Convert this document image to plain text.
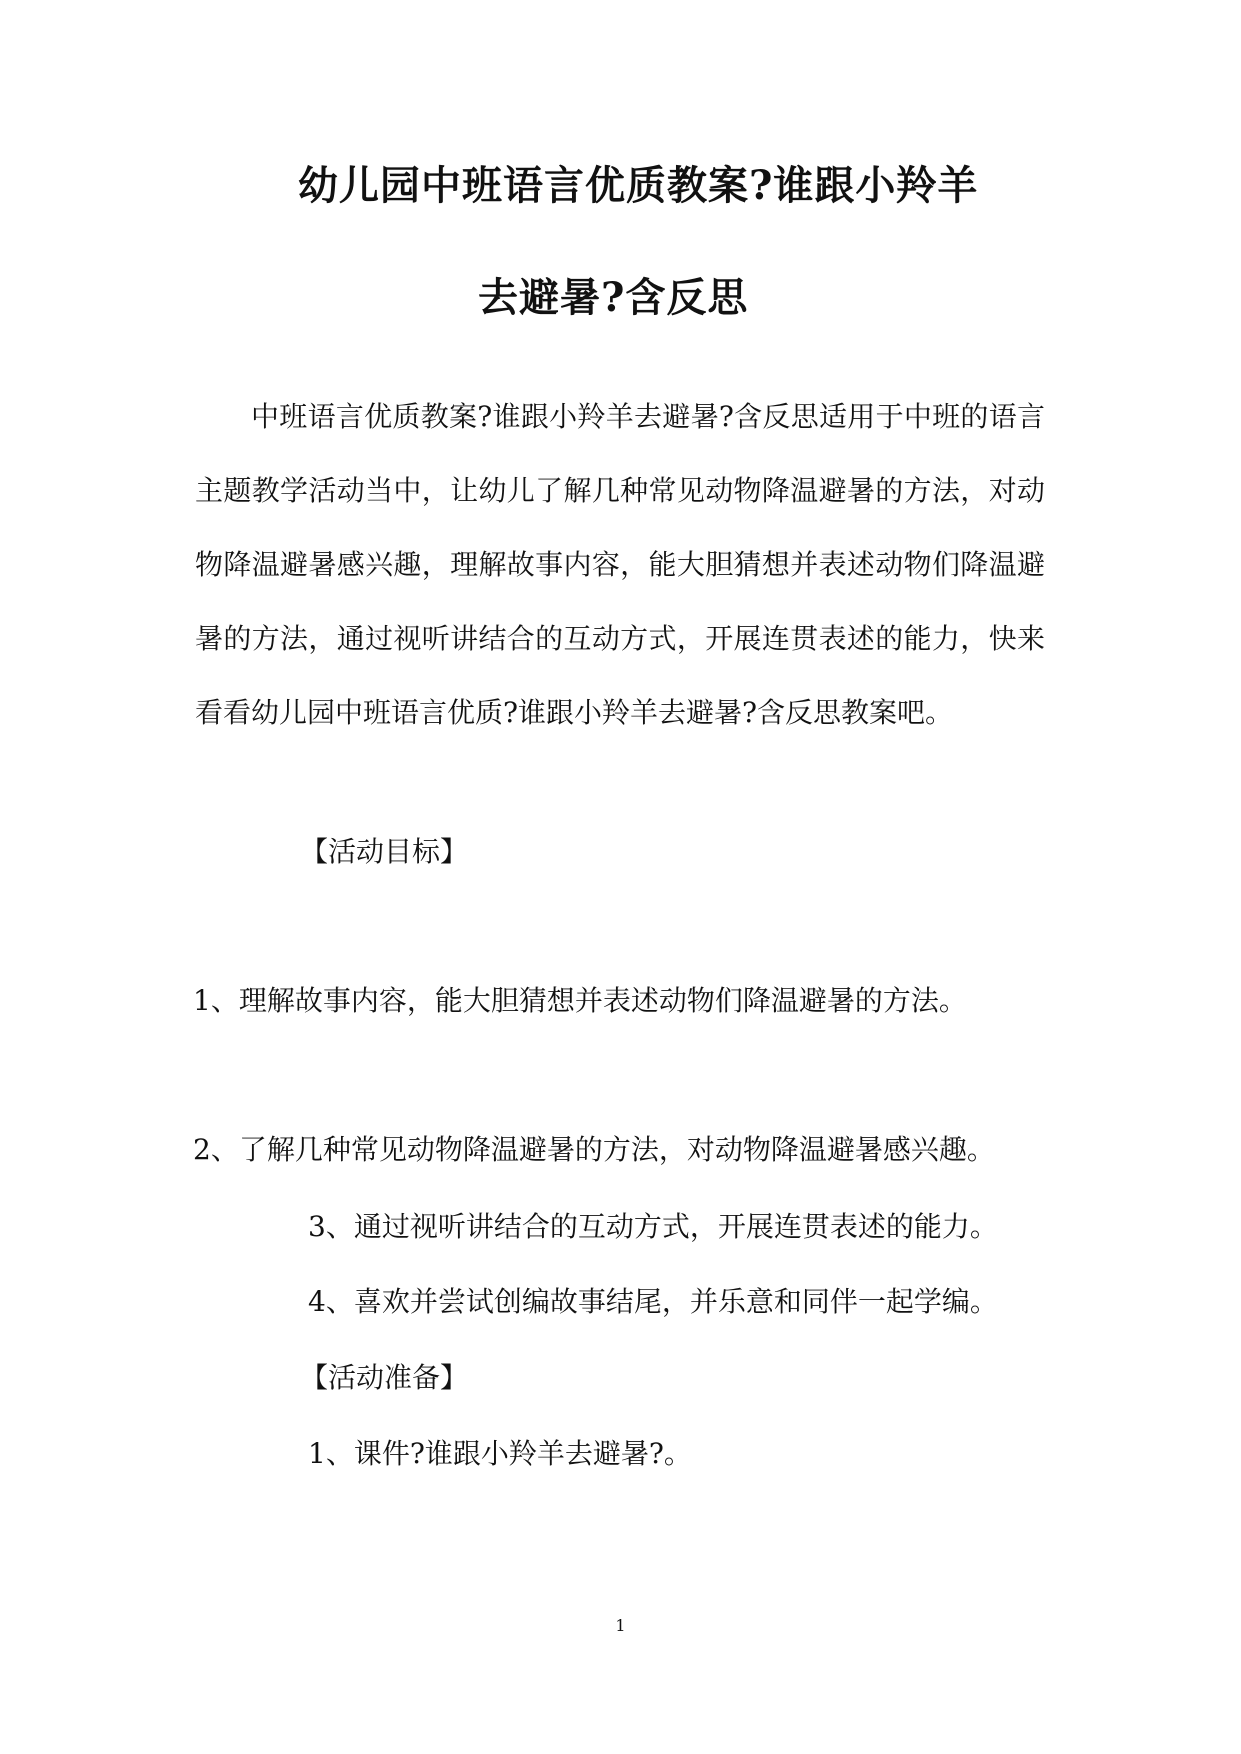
幼儿园中班语言优质教案?谁跟小羚羊
去避暑?含反思

中班语言优质教案?谁跟小羚羊去避暑?含反思适用于中班的语言主题教学活动当中，让幼儿了解几种常见动物降温避暑的方法，对动物降温避暑感兴趣，理解故事内容，能大胆猜想并表述动物们降温避暑的方法，通过视听讲结合的互动方式，开展连贯表述的能力，快来看看幼儿园中班语言优质?谁跟小羚羊去避暑?含反思教案吧。

【活动目标】
1、理解故事内容，能大胆猜想并表述动物们降温避暑的方法。
2、了解几种常见动物降温避暑的方法，对动物降温避暑感兴趣。
3、通过视听讲结合的互动方式，开展连贯表述的能力。
4、喜欢并尝试创编故事结尾，并乐意和同伴一起学编。
【活动准备】
1、课件?谁跟小羚羊去避暑?。
1
